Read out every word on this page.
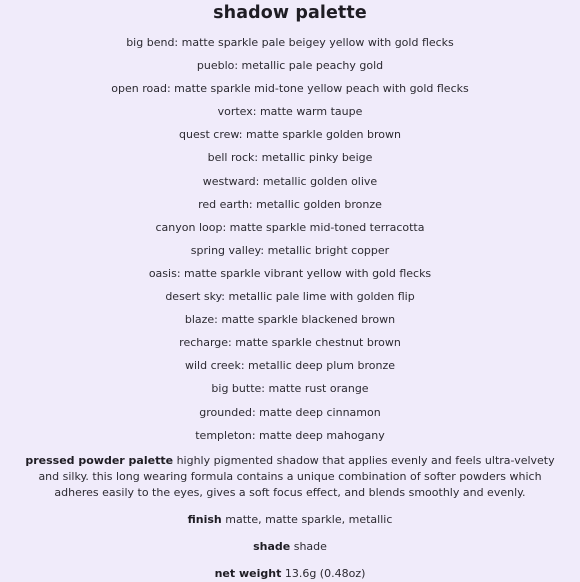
shadow palette
big bend: matte sparkle pale beigey yellow with gold flecks
pueblo: metallic pale peachy gold
open road: matte sparkle mid-tone yellow peach with gold flecks
vortex: matte warm taupe
quest crew: matte sparkle golden brown
bell rock: metallic pinky beige
westward: metallic golden olive
red earth: metallic golden bronze
canyon loop: matte sparkle mid-toned terracotta
spring valley: metallic bright copper
oasis: matte sparkle vibrant yellow with gold flecks
desert sky: metallic pale lime with golden flip
blaze: matte sparkle blackened brown
recharge: matte sparkle chestnut brown
wild creek: metallic deep plum bronze
big butte: matte rust orange
grounded: matte deep cinnamon
templeton: matte deep mahogany

pressed powder palette highly pigmented shadow that applies evenly and feels ultra-velvety and silky. this long wearing formula contains a unique combination of softer powders which adheres easily to the eyes, gives a soft focus effect, and blends smoothly and evenly.

finish matte, matte sparkle, metallic

shade shade

net weight 13.6g (0.48oz)
